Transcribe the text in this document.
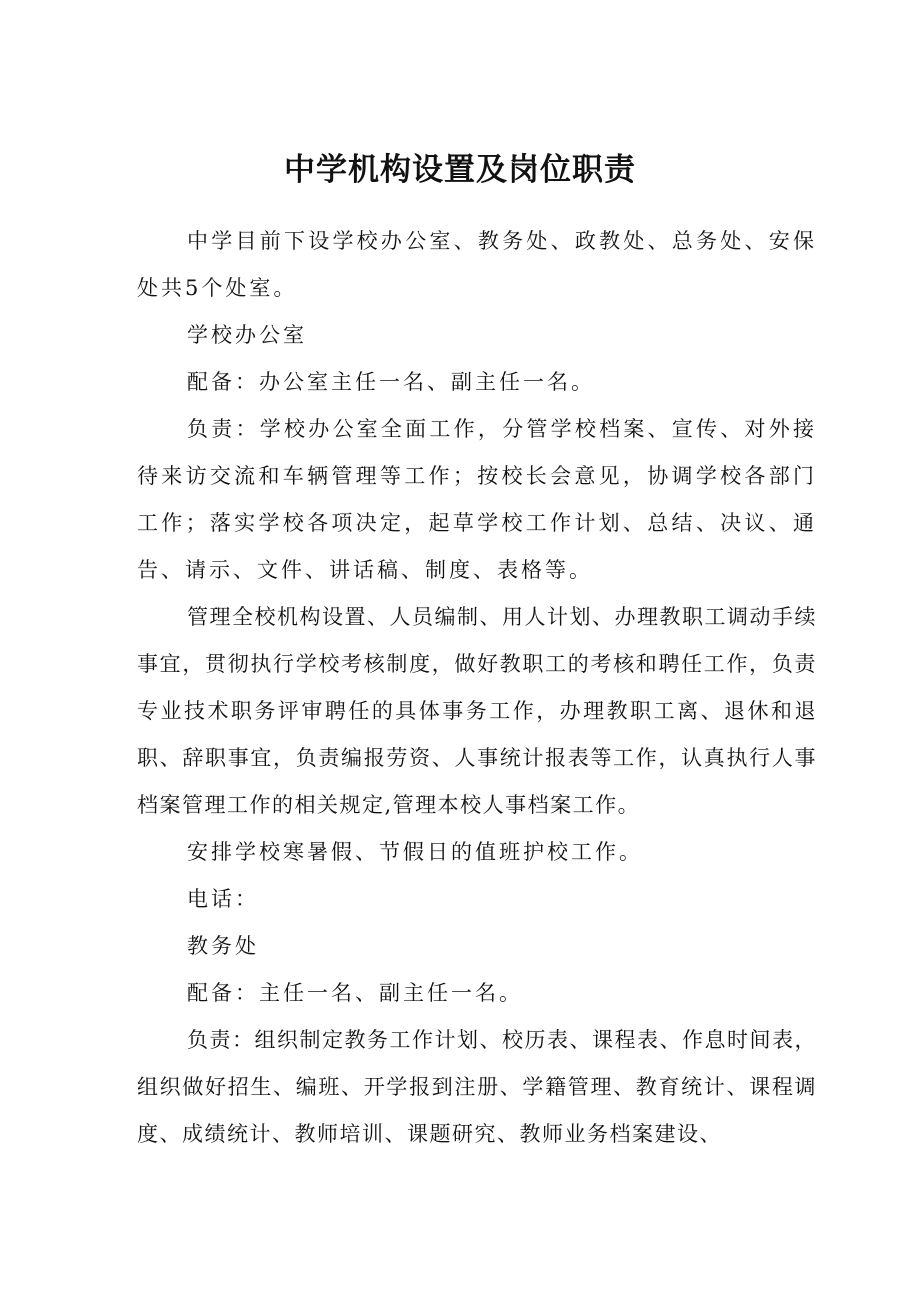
中学机构设置及岗位职责

中学目前下设学校办公室、教务处、政教处、总务处、安保处共5个处室。

学校办公室

配备：办公室主任一名、副主任一名。

负责：学校办公室全面工作，分管学校档案、宣传、对外接待来访交流和车辆管理等工作；按校长会意见，协调学校各部门工作；落实学校各项决定，起草学校工作计划、总结、决议、通告、请示、文件、讲话稿、制度、表格等。

管理全校机构设置、人员编制、用人计划、办理教职工调动手续事宜，贯彻执行学校考核制度，做好教职工的考核和聘任工作，负责专业技术职务评审聘任的具体事务工作，办理教职工离、退休和退职、辞职事宜，负责编报劳资、人事统计报表等工作，认真执行人事档案管理工作的相关规定,管理本校人事档案工作。

安排学校寒暑假、节假日的值班护校工作。

电话：

教务处

配备：主任一名、副主任一名。

负责：组织制定教务工作计划、校历表、课程表、作息时间表，组织做好招生、编班、开学报到注册、学籍管理、教育统计、课程调度、成绩统计、教师培训、课题研究、教师业务档案建设、
